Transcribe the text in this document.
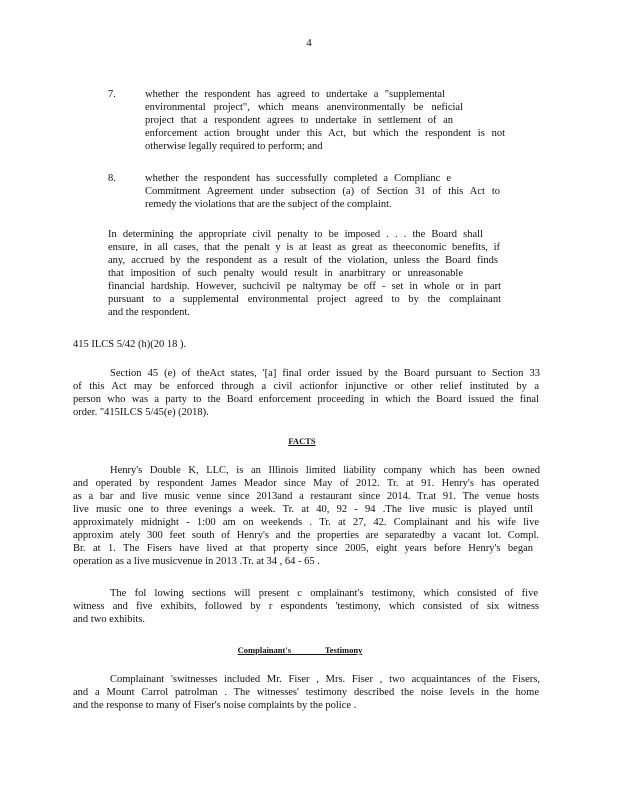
4
7.	whether the respondent has agreed to undertake a "supplemental
environmental project", which means anenvironmentally be neficial
project that a respondent agrees to undertake in settlement of an
enforcement action brought under this Act, but which the respondent is not
otherwise legally required to perform; and
8.	whether the respondent has successfully completed a Complianc e
Commitment Agreement under subsection (a) of Section 31 of this Act to
remedy the violations that are the subject of the complaint.
In determining the appropriate civil penalty to be imposed . . . the Board shall
ensure, in all cases, that the penalt y is at least as great as theeconomic benefits, if
any, accrued by the respondent as a result of the violation, unless the Board finds
that imposition of such penalty would result in anarbitrary or unreasonable
financial hardship. However, suchcivil pe naltymay be off - set in whole or in part
pursuant to a supplemental environmental project agreed to by the complainant
and the respondent.
415 ILCS 5/42 (h)(20 18 ).
Section 45 (e) of theAct states, '[a] final order issued by the Board pursuant to Section 33
of this Act may be enforced through a civil actionfor injunctive or other relief instituted by a
person who was a party to the Board enforcement proceeding in which the Board issued the final
order. "415ILCS 5/45(e) (2018).
FACTS
Henry's Double K, LLC, is an Illinois limited liability company which has been owned
and operated by respondent James Meador since May of 2012. Tr. at 91. Henry's has operated
as a bar and live music venue since 2013and a restaurant since 2014. Tr.at 91. The venue hosts
live music one to three evenings a week. Tr. at 40, 92 - 94 .The live music is played until
approximately midnight - 1:00 am on weekends . Tr. at 27, 42. Complainant and his wife live
approxim ately 300 feet south of Henry's and the properties are separatedby a vacant lot. Compl.
Br. at 1. The Fisers have lived at that property since 2005, eight years before Henry's began
operation as a live musicvenue in 2013 .Tr. at 34 , 64 - 65 .
The fol lowing sections will present c omplainant's testimony, which consisted of five
witness and five exhibits, followed by r espondents 'testimony, which consisted of six witness
and two exhibits.
Complainant's                Testimony
Complainant 'switnesses included Mr. Fiser , Mrs. Fiser , two acquaintances of the Fisers,
and a Mount Carrol patrolman . The witnesses' testimony described the noise levels in the home
and the response to many of Fiser's noise complaints by the police .
